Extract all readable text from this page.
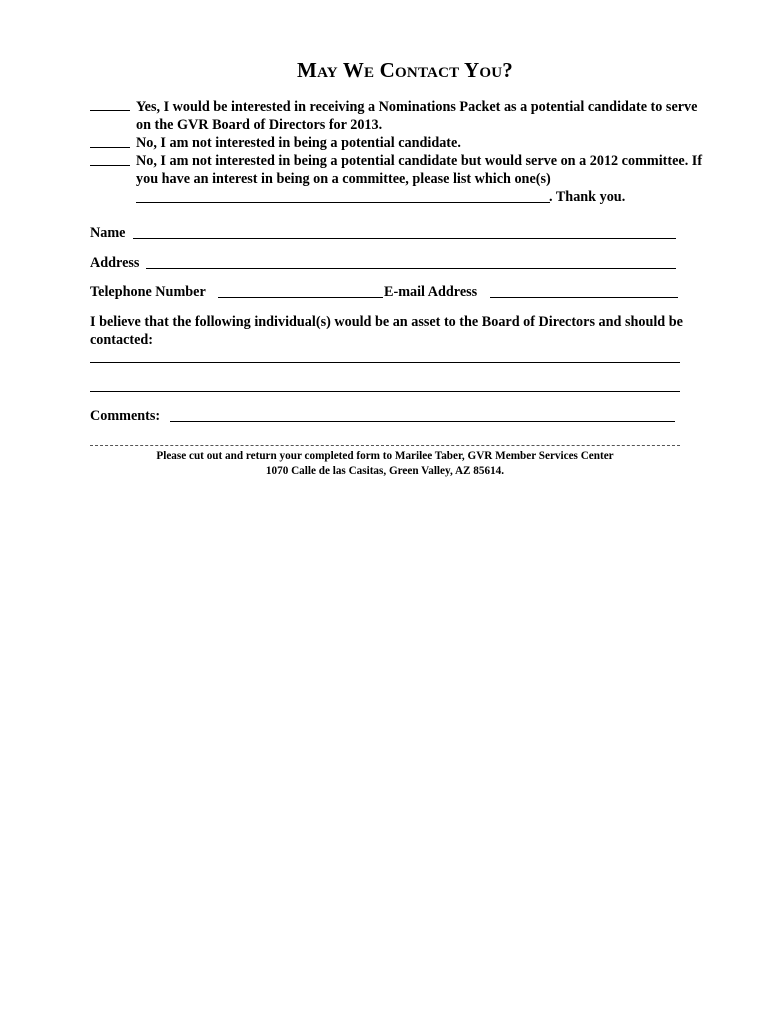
May We Contact You?
Yes, I would be interested in receiving a Nominations Packet as a potential candidate to serve
on the GVR Board of Directors for 2013.
No, I am not interested in being a potential candidate.
No, I am not interested in being a potential candidate but would serve on a 2012 committee. If
you have an interest in being on a committee, please list which one(s)
. Thank you.
Name
Address
Telephone Number	E-mail Address
I believe that the following individual(s) would be an asset to the Board of Directors and should be contacted:
Comments:
Please cut out and return your completed form to Marilee Taber, GVR Member Services Center
1070 Calle de las Casitas, Green Valley, AZ 85614.
